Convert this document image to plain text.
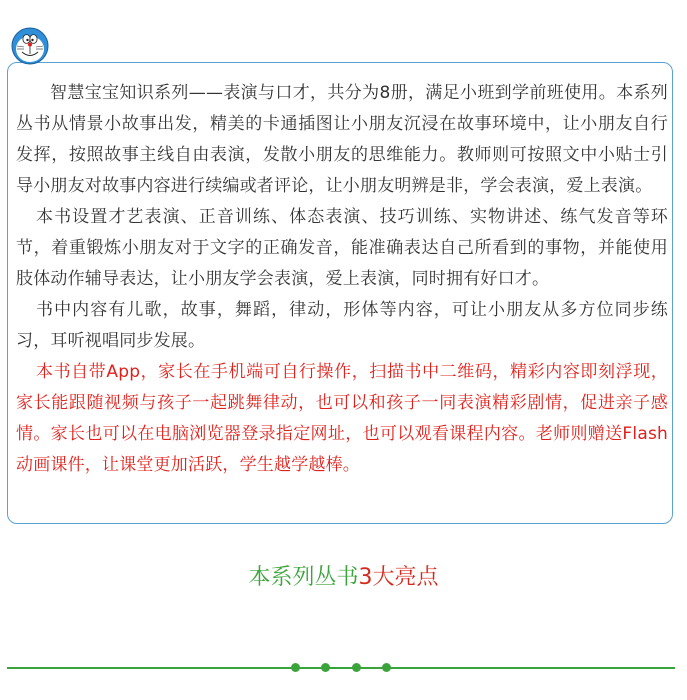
智慧宝宝知识系列——表演与口才，共分为8册，满足小班到学前班使用。本系列丛书从情景小故事出发，精美的卡通插图让小朋友沉浸在故事环境中，让小朋友自行发挥，按照故事主线自由表演，发散小朋友的思维能力。教师则可按照文中小贴士引导小朋友对故事内容进行续编或者评论，让小朋友明辨是非，学会表演，爱上表演。

本书设置才艺表演、正音训练、体态表演、技巧训练、实物讲述、练气发音等环节，着重锻炼小朋友对于文字的正确发音，能准确表达自己所看到的事物，并能使用肢体动作辅导表达，让小朋友学会表演，爱上表演，同时拥有好口才。

书中内容有儿歌，故事，舞蹈，律动，形体等内容，可让小朋友从多方位同步练习，耳听视唱同步发展。

本书自带App，家长在手机端可自行操作，扫描书中二维码，精彩内容即刻浮现，家长能跟随视频与孩子一起跳舞律动，也可以和孩子一同表演精彩剧情，促进亲子感情。家长也可以在电脑浏览器登录指定网址，也可以观看课程内容。老师则赠送Flash动画课件，让课堂更加活跃，学生越学越棒。

本系列丛书3大亮点
